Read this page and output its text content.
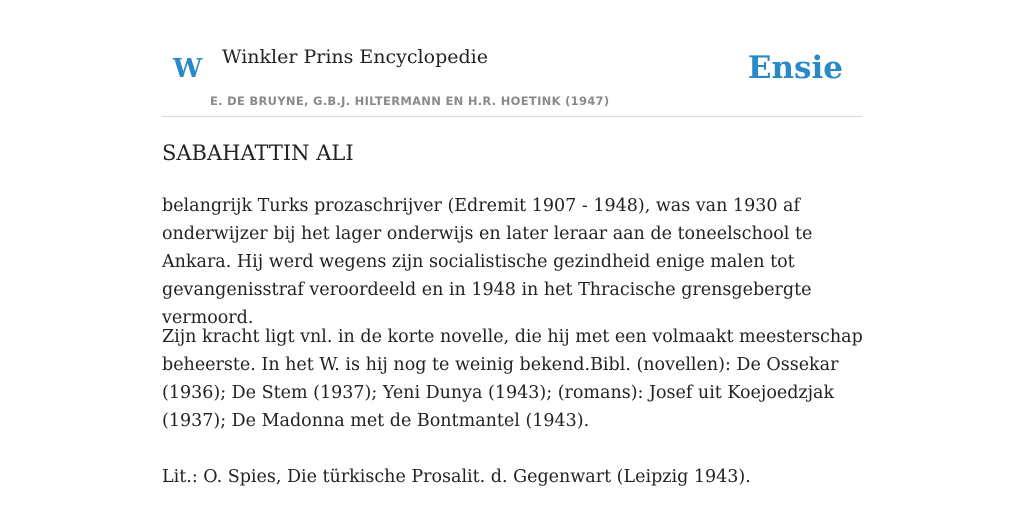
W Winkler Prins Encyclopedie
E. DE BRUYNE, G.B.J. HILTERMANN EN H.R. HOETINK (1947)
Ensie
SABAHATTIN ALI

belangrijk Turks prozaschrijver (Edremit 1907 - 1948), was van 1930 af onderwijzer bij het lager onderwijs en later leraar aan de toneelschool te Ankara. Hij werd wegens zijn socialistische gezindheid enige malen tot gevangenisstraf veroordeeld en in 1948 in het Thracische grensgebergte vermoord.

Zijn kracht ligt vnl. in de korte novelle, die hij met een volmaakt meesterschap beheerste. In het W. is hij nog te weinig bekend.Bibl. (novellen): De Ossekar (1936); De Stem (1937); Yeni Dunya (1943); (romans): Josef uit Koejoedzjak (1937); De Madonna met de Bontmantel (1943).

Lit.: O. Spies, Die türkische Prosalit. d. Gegenwart (Leipzig 1943).
